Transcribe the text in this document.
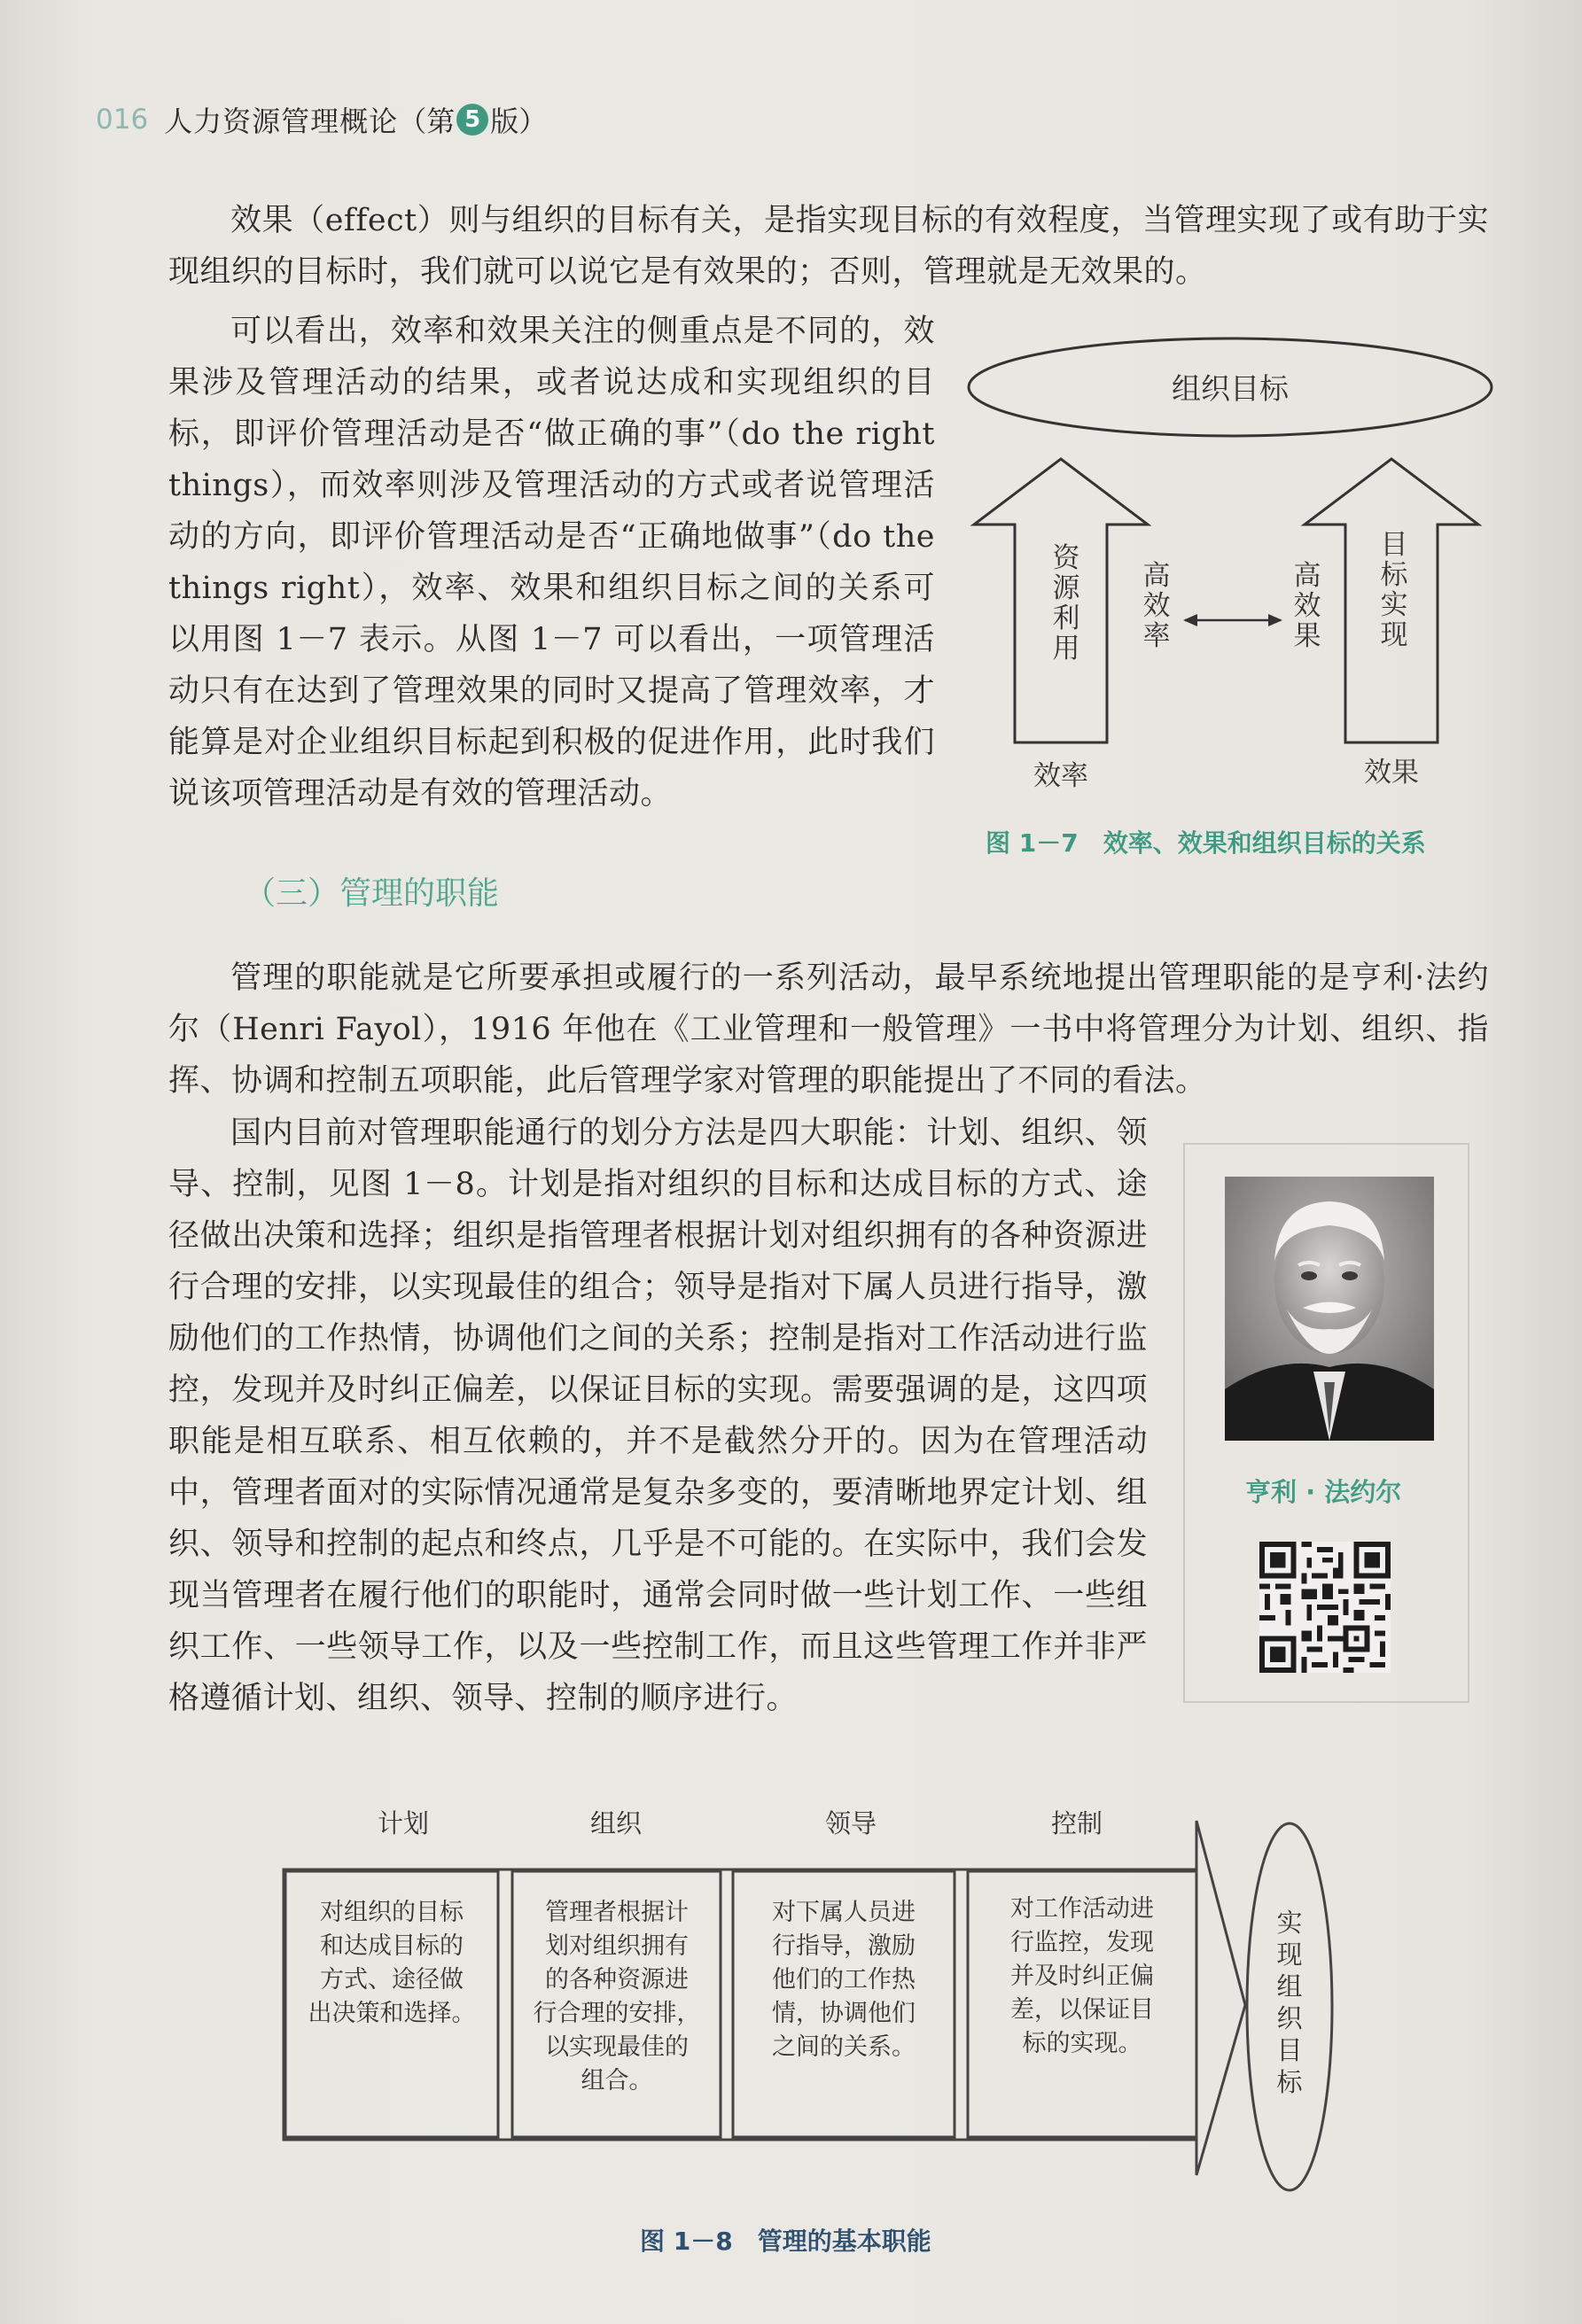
016 人力资源管理概论 （第 5 版）

效果（effect）则与组织的目标有关，是指实现目标的有效程度，当管理实现了或有助于实现组织的目标时，我们就可以说它是有效果的；否则，管理就是无效果的。

可以看出，效率和效果关注的侧重点是不同的，效果涉及管理活动的结果，或者说达成和实现组织的目标，即评价管理活动是否“做正确的事”（do the right things），而效率则涉及管理活动的方式或者说管理活动的方向，即评价管理活动是否“正确地做事”（do the things right），效率、效果和组织目标之间的关系可以用图 1－7 表示。从图 1－7 可以看出，一项管理活动只有在达到了管理效果的同时又提高了管理效率，才能算是对企业组织目标起到积极的促进作用，此时我们说该项管理活动是有效的管理活动。

组织目标
资源利用
高效率
高效果
目标实现
效率	效果
图 1－7　效率、效果和组织目标的关系
（三）管理的职能

管理的职能就是它所要承担或履行的一系列活动，最早系统地提出管理职能的是亨利·法约尔（Henri Fayol），1916 年他在《工业管理和一般管理》一书中将管理分为计划、组织、指挥、协调和控制五项职能，此后管理学家对管理的职能提出了不同的看法。

国内目前对管理职能通行的划分方法是四大职能：计划、组织、领导、控制，见图 1－8。计划是指对组织的目标和达成目标的方式、途径做出决策和选择；组织是指管理者根据计划对组织拥有的各种资源进行合理的安排，以实现最佳的组合；领导是指对下属人员进行指导，激励他们的工作热情，协调他们之间的关系；控制是指对工作活动进行监控，发现并及时纠正偏差，以保证目标的实现。需要强调的是，这四项职能是相互联系、相互依赖的，并不是截然分开的。因为在管理活动中，管理者面对的实际情况通常是复杂多变的，要清晰地界定计划、组织、领导和控制的起点和终点，几乎是不可能的。在实际中，我们会发现当管理者在履行他们的职能时，通常会同时做一些计划工作、一些组织工作、一些领导工作，以及一些控制工作，而且这些管理工作并非严格遵循计划、组织、领导、控制的顺序进行。

亨利 · 法约尔
计划	组织	领导	控制
对组织的目标和达成目标的方式、途径做出决策和选择。
管理者根据计划对组织拥有的各种资源进行合理的安排，以实现最佳的组合。
对下属人员进行指导，激励他们的工作热情，协调他们之间的关系。
对工作活动进行监控，发现并及时纠正偏差，以保证目标的实现。
实现组织目标
图 1－8　管理的基本职能
